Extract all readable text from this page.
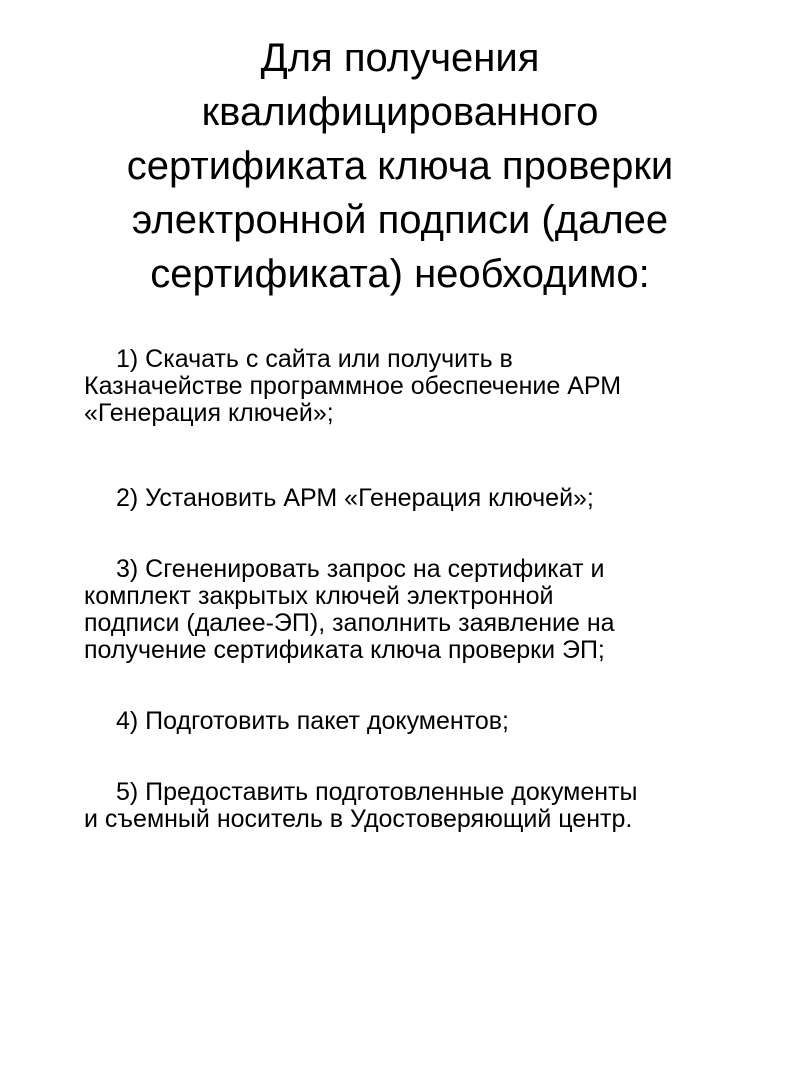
Для получения
квалифицированного
сертификата ключа проверки
электронной подписи (далее
сертификата) необходимо:
1) Скачать с сайта или получить в
Казначействе программное обеспечение АРМ
«Генерация ключей»;
2) Установить АРМ «Генерация ключей»;
3) Сгененировать запрос на сертификат и
комплект закрытых ключей электронной
подписи (далее-ЭП), заполнить заявление на
получение сертификата ключа проверки ЭП;
4) Подготовить пакет документов;
5) Предоставить подготовленные документы
и съемный носитель в Удостоверяющий центр.
